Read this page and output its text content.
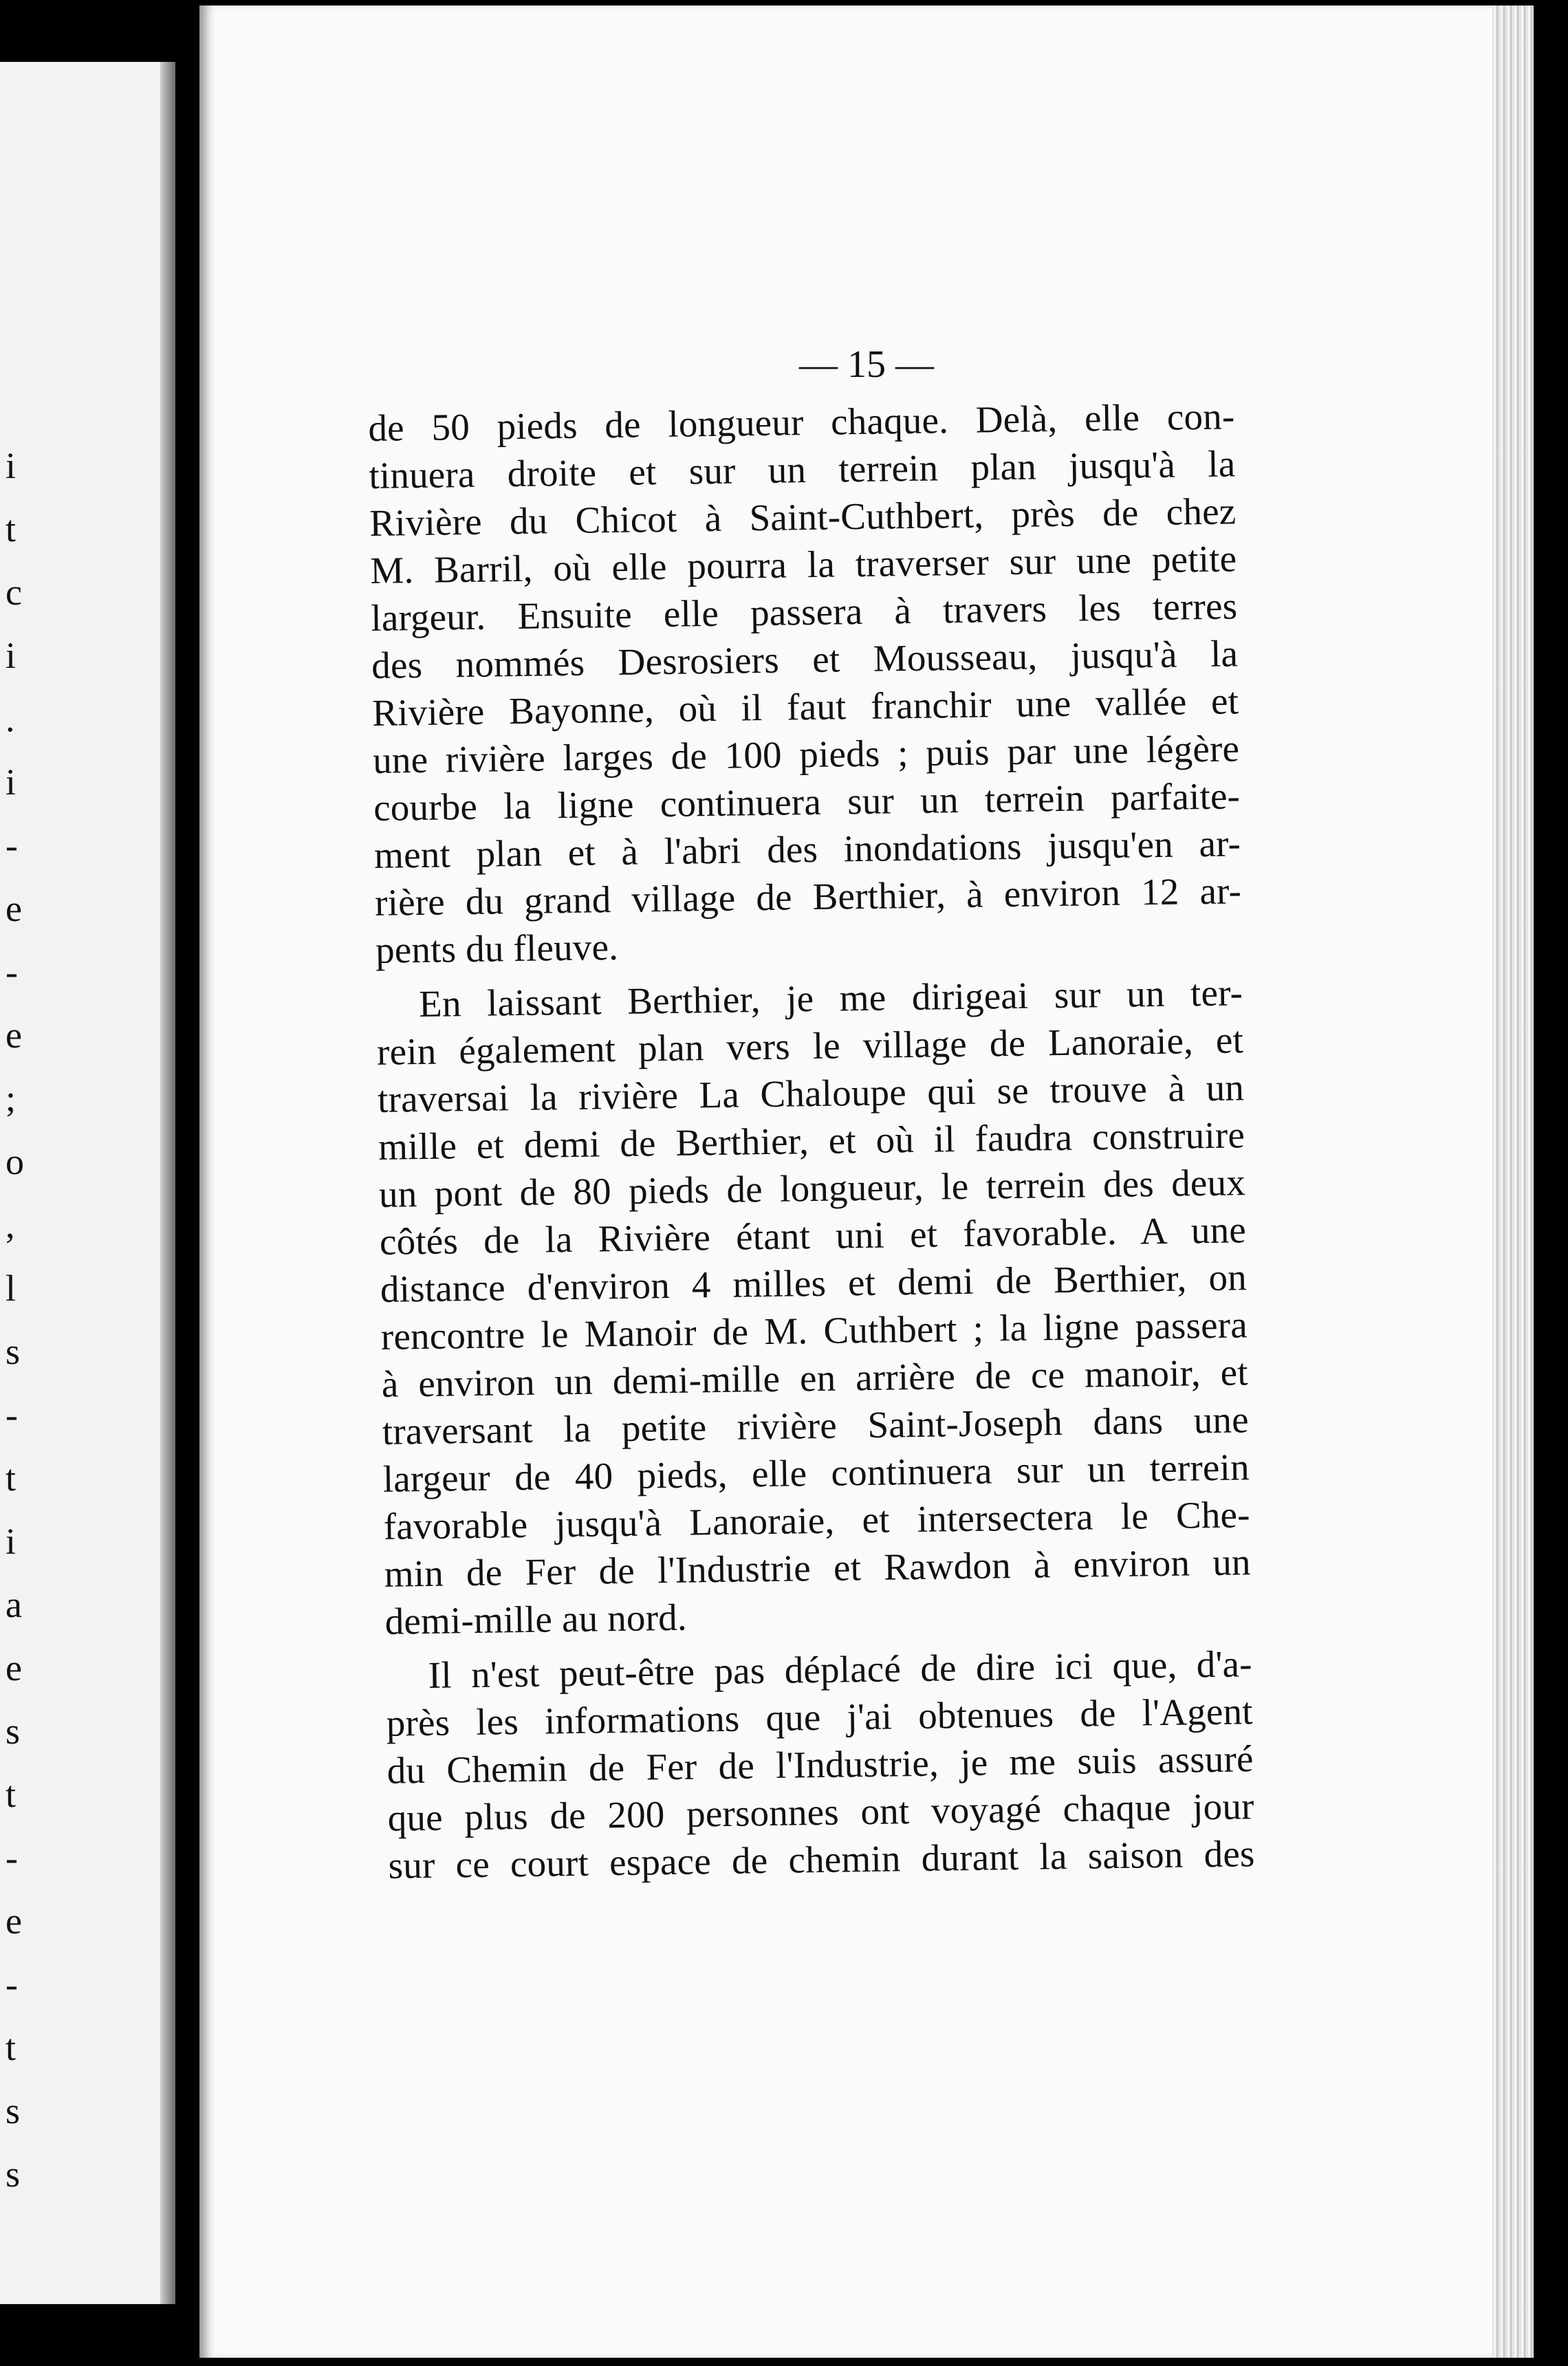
i
t
c
i
.
i
-
e
-
e
;
o
,
l
s
-
t
i
a
e
s
t
-
e
-
t
s
s
— 15 —

de 50 pieds de longueur chaque. Delà, elle con-
tinuera droite et sur un terrein plan jusqu'à la
Rivière du Chicot à Saint-Cuthbert, près de chez
M. Barril, où elle pourra la traverser sur une petite
largeur. Ensuite elle passera à travers les terres
des nommés Desrosiers et Mousseau, jusqu'à la
Rivière Bayonne, où il faut franchir une vallée et
une rivière larges de 100 pieds ; puis par une légère
courbe la ligne continuera sur un terrein parfaite-
ment plan et à l'abri des inondations jusqu'en ar-
rière du grand village de Berthier, à environ 12 ar-
pents du fleuve.

En laissant Berthier, je me dirigeai sur un ter-
rein également plan vers le village de Lanoraie, et
traversai la rivière La Chaloupe qui se trouve à un
mille et demi de Berthier, et où il faudra construire
un pont de 80 pieds de longueur, le terrein des deux
côtés de la Rivière étant uni et favorable. A une
distance d'environ 4 milles et demi de Berthier, on
rencontre le Manoir de M. Cuthbert ; la ligne passera
à environ un demi-mille en arrière de ce manoir, et
traversant la petite rivière Saint-Joseph dans une
largeur de 40 pieds, elle continuera sur un terrein
favorable jusqu'à Lanoraie, et intersectera le Che-
min de Fer de l'Industrie et Rawdon à environ un
demi-mille au nord.

Il n'est peut-être pas déplacé de dire ici que, d'a-
près les informations que j'ai obtenues de l'Agent
du Chemin de Fer de l'Industrie, je me suis assuré
que plus de 200 personnes ont voyagé chaque jour
sur ce court espace de chemin durant la saison des
